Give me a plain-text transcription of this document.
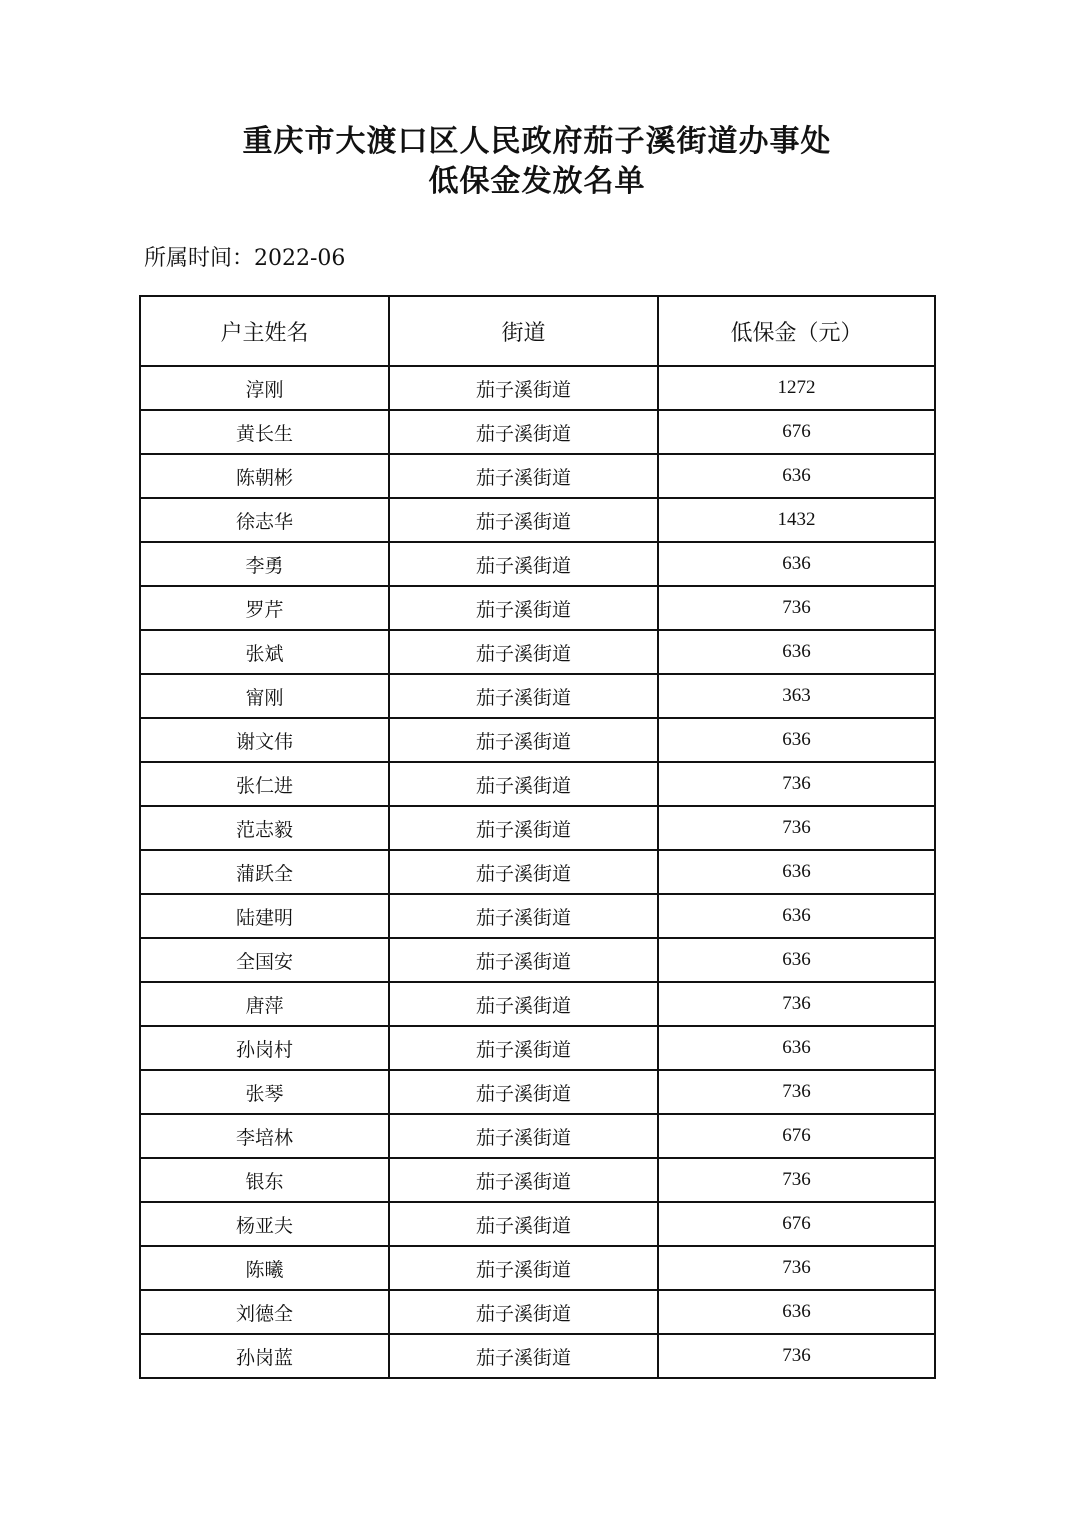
重庆市大渡口区人民政府茄子溪街道办事处
低保金发放名单
所属时间：2022-06
户主姓名	街道	低保金（元）
淳刚	茄子溪街道	1272
黄长生	茄子溪街道	676
陈朝彬	茄子溪街道	636
徐志华	茄子溪街道	1432
李勇	茄子溪街道	636
罗芹	茄子溪街道	736
张斌	茄子溪街道	636
甯刚	茄子溪街道	363
谢文伟	茄子溪街道	636
张仁进	茄子溪街道	736
范志毅	茄子溪街道	736
蒲跃全	茄子溪街道	636
陆建明	茄子溪街道	636
全国安	茄子溪街道	636
唐萍	茄子溪街道	736
孙岗村	茄子溪街道	636
张琴	茄子溪街道	736
李培林	茄子溪街道	676
银东	茄子溪街道	736
杨亚夫	茄子溪街道	676
陈曦	茄子溪街道	736
刘德全	茄子溪街道	636
孙岗蓝	茄子溪街道	736
